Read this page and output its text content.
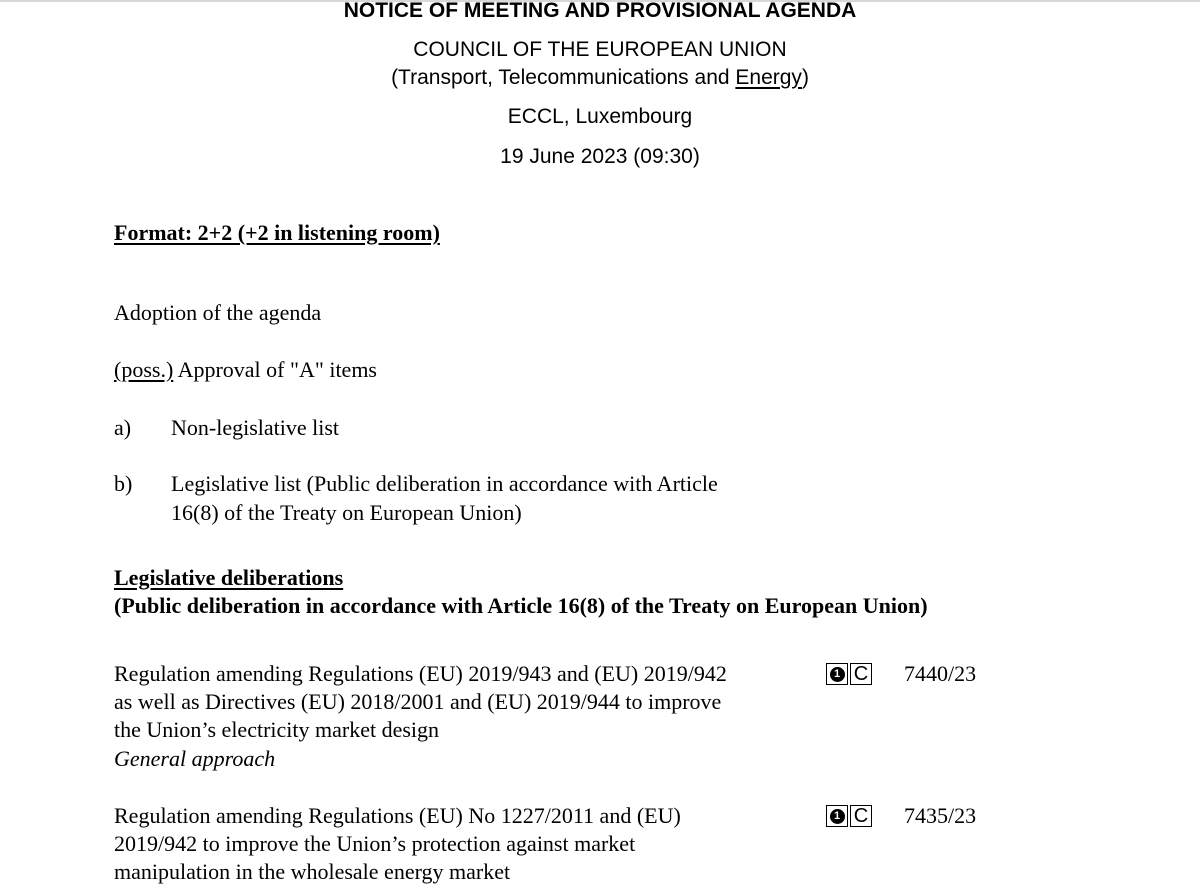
NOTICE OF MEETING AND PROVISIONAL AGENDA
COUNCIL OF THE EUROPEAN UNION
(Transport, Telecommunications and Energy)
ECCL, Luxembourg
19 June 2023 (09:30)
Format: 2+2 (+2 in listening room)
Adoption of the agenda
(poss.) Approval of "A" items
a) Non-legislative list
b) Legislative list (Public deliberation in accordance with Article
16(8) of the Treaty on European Union)
Legislative deliberations
(Public deliberation in accordance with Article 16(8) of the Treaty on European Union)
Regulation amending Regulations (EU) 2019/943 and (EU) 2019/942
as well as Directives (EU) 2018/2001 and (EU) 2019/944 to improve
the Union’s electricity market design
General approach
1 C 7440/23
Regulation amending Regulations (EU) No 1227/2011 and (EU)
2019/942 to improve the Union’s protection against market
manipulation in the wholesale energy market
1 C 7435/23
